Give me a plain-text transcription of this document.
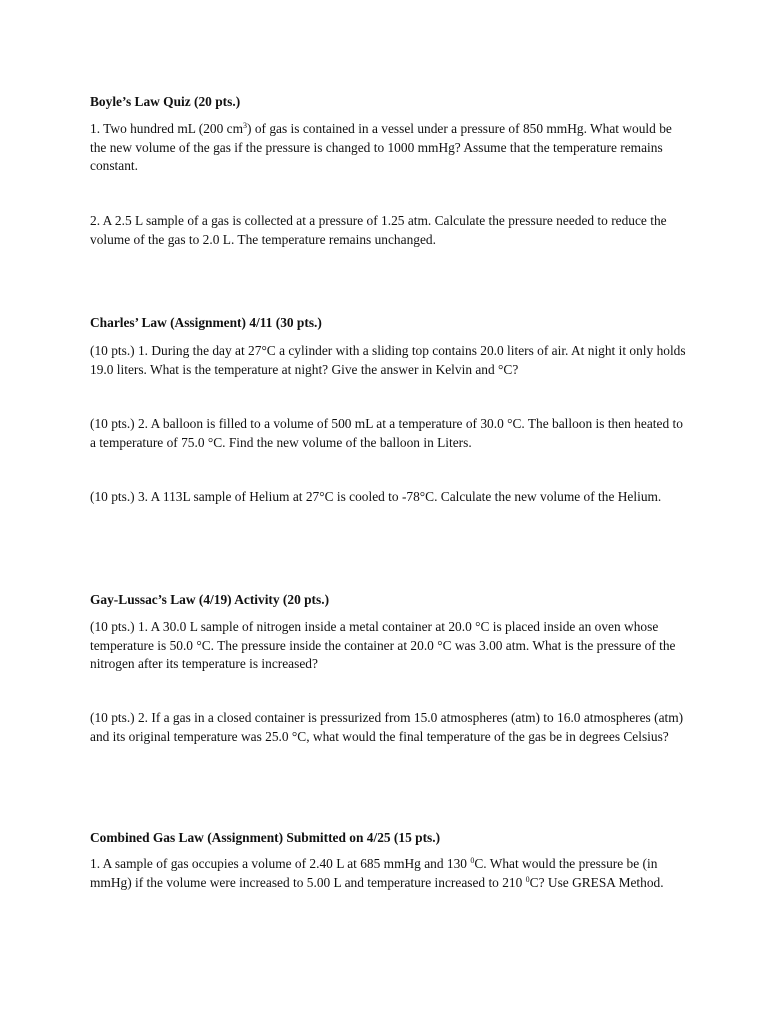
Boyle’s Law Quiz (20 pts.)
1. Two hundred mL (200 $cm^3$) of gas is contained in a vessel under a pressure of 850 mmHg. What would be the new volume of the gas if the pressure is changed to 1000 mmHg? Assume that the temperature remains constant.
2. A 2.5 L sample of a gas is collected at a pressure of 1.25 atm. Calculate the pressure needed to reduce the volume of the gas to 2.0 L. The temperature remains unchanged.
Charles’ Law (Assignment) 4/11 (30 pts.)
(10 pts.) 1. During the day at 27°C a cylinder with a sliding top contains 20.0 liters of air. At night it only holds 19.0 liters. What is the temperature at night? Give the answer in Kelvin and °C?
(10 pts.) 2. A balloon is filled to a volume of 500 mL at a temperature of 30.0 °C. The balloon is then heated to a temperature of 75.0 °C. Find the new volume of the balloon in Liters.
(10 pts.) 3. A 113L sample of Helium at 27°C is cooled to -78°C. Calculate the new volume of the Helium.
Gay-Lussac’s Law (4/19) Activity (20 pts.)
(10 pts.) 1. A 30.0 L sample of nitrogen inside a metal container at 20.0 °C is placed inside an oven whose temperature is 50.0 °C. The pressure inside the container at 20.0 °C was 3.00 atm. What is the pressure of the nitrogen after its temperature is increased?
(10 pts.) 2. If a gas in a closed container is pressurized from 15.0 atmospheres (atm) to 16.0 atmospheres (atm) and its original temperature was 25.0 °C, what would the final temperature of the gas be in degrees Celsius?
Combined Gas Law (Assignment) Submitted on 4/25 (15 pts.)
1. A sample of gas occupies a volume of 2.40 L at 685 mmHg and 130 $^0$C. What would the pressure be (in mmHg) if the volume were increased to 5.00 L and temperature increased to 210 $^0$C? Use GRESA Method.
